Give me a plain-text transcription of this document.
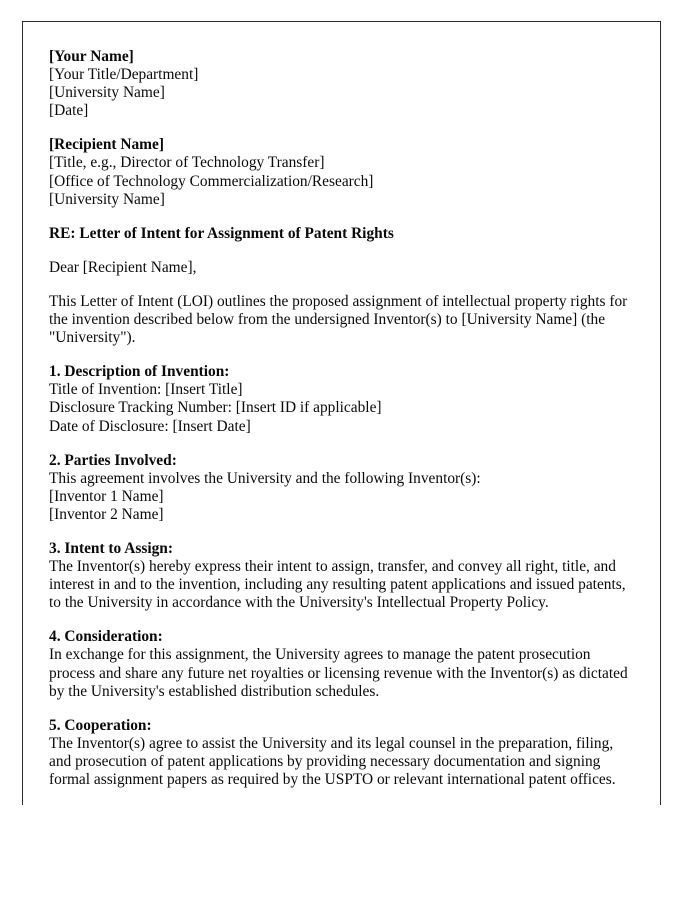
[Your Name]
[Your Title/Department]
[University Name]
[Date]
[Recipient Name]
[Title, e.g., Director of Technology Transfer]
[Office of Technology Commercialization/Research]
[University Name]
RE: Letter of Intent for Assignment of Patent Rights
Dear [Recipient Name],

This Letter of Intent (LOI) outlines the proposed assignment of intellectual property rights for the invention described below from the undersigned Inventor(s) to [University Name] (the "University").

1. Description of Invention:
Title of Invention: [Insert Title]
Disclosure Tracking Number: [Insert ID if applicable]
Date of Disclosure: [Insert Date]
2. Parties Involved:
This agreement involves the University and the following Inventor(s):
[Inventor 1 Name]
[Inventor 2 Name]
3. Intent to Assign:

The Inventor(s) hereby express their intent to assign, transfer, and convey all right, title, and interest in and to the invention, including any resulting patent applications and issued patents, to the University in accordance with the University's Intellectual Property Policy.

4. Consideration:

In exchange for this assignment, the University agrees to manage the patent prosecution process and share any future net royalties or licensing revenue with the Inventor(s) as dictated by the University's established distribution schedules.

5. Cooperation:

The Inventor(s) agree to assist the University and its legal counsel in the preparation, filing, and prosecution of patent applications by providing necessary documentation and signing formal assignment papers as required by the USPTO or relevant international patent offices.
